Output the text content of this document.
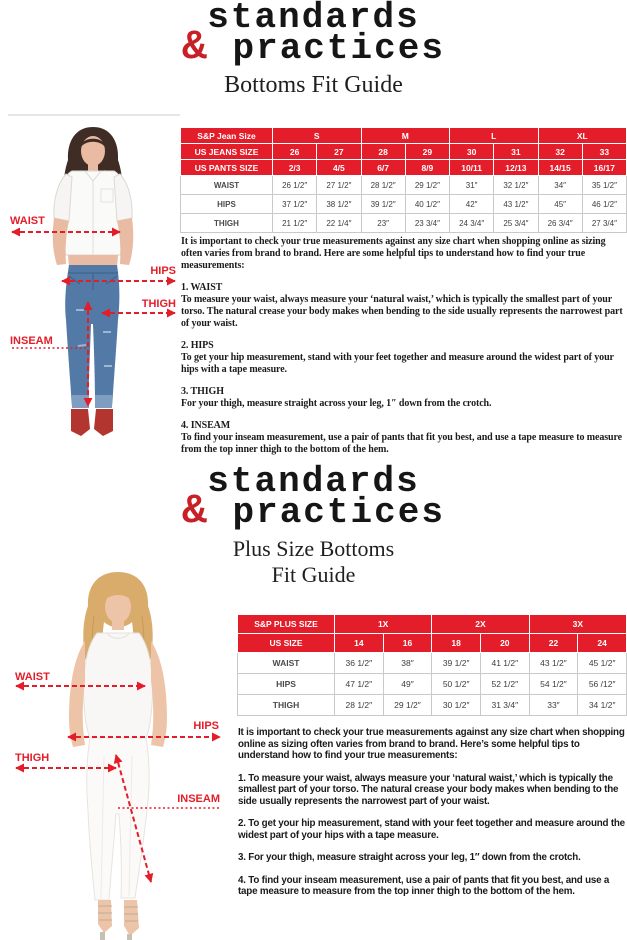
standards
& practices
Bottoms Fit Guide
WAIST
HIPS
THIGH
INSEAM
S&P Jean Size	S		M		L		XL	
US JEANS SIZE	26	27	28	29	30	31	32	33
US PANTS SIZE	2/3	4/5	6/7	8/9	10/11	12/13	14/15	16/17
WAIST	26 1/2″	27 1/2″	28 1/2″	29 1/2″	31″	32 1/2″	34″	35 1/2″
HIPS	37 1/2″	38 1/2″	39 1/2″	40 1/2″	42″	43 1/2″	45″	46 1/2″
THIGH	21 1/2″	22 1/4″	23″	23 3/4″	24 3/4″	25 3/4″	26 3/4″	27 3/4″

It is important to check your true measurements against any size chart when shopping online as sizing often varies from brand to brand. Here are some helpful tips to understand how to find your true measurements:

1. WAIST
To measure your waist, always measure your ‘natural waist,’ which is typically the smallest part of your torso. The natural crease your body makes when bending to the side usually represents the narrowest part of your waist.
2. HIPS
To get your hip measurement, stand with your feet together and measure around the widest part of your hips with a tape measure.
3. THIGH
For your thigh, measure straight across your leg, 1″ down from the crotch.
4. INSEAM
To find your inseam measurement, use a pair of pants that fit you best, and use a tape measure to measure from the top inner thigh to the bottom of the hem.
standards
& practices
Plus Size Bottoms
Fit Guide
WAIST
HIPS
THIGH
INSEAM
S&P PLUS SIZE	1X		2X		3X	
US SIZE	14	16	18	20	22	24
WAIST	36 1/2″	38″	39 1/2″	41 1/2″	43 1/2″	45 1/2″
HIPS	47 1/2″	49″	50 1/2″	52 1/2″	54 1/2″	56 /12″
THIGH	28 1/2″	29 1/2″	30 1/2″	31 3/4″	33″	34 1/2″

It is important to check your true measurements against any size chart when shopping online as sizing often varies from brand to brand. Here’s some helpful tips to understand how to find your true measurements:

1. To measure your waist, always measure your ‘natural waist,’ which is typically the smallest part of your torso. The natural crease your body makes when bending to the side usually represents the narrowest part of your waist.

2. To get your hip measurement, stand with your feet together and measure around the widest part of your hips with a tape measure.

3. For your thigh, measure straight across your leg, 1″ down from the crotch.

4. To find your inseam measurement, use a pair of pants that fit you best, and use a tape measure to measure from the top inner thigh to the bottom of the hem.
